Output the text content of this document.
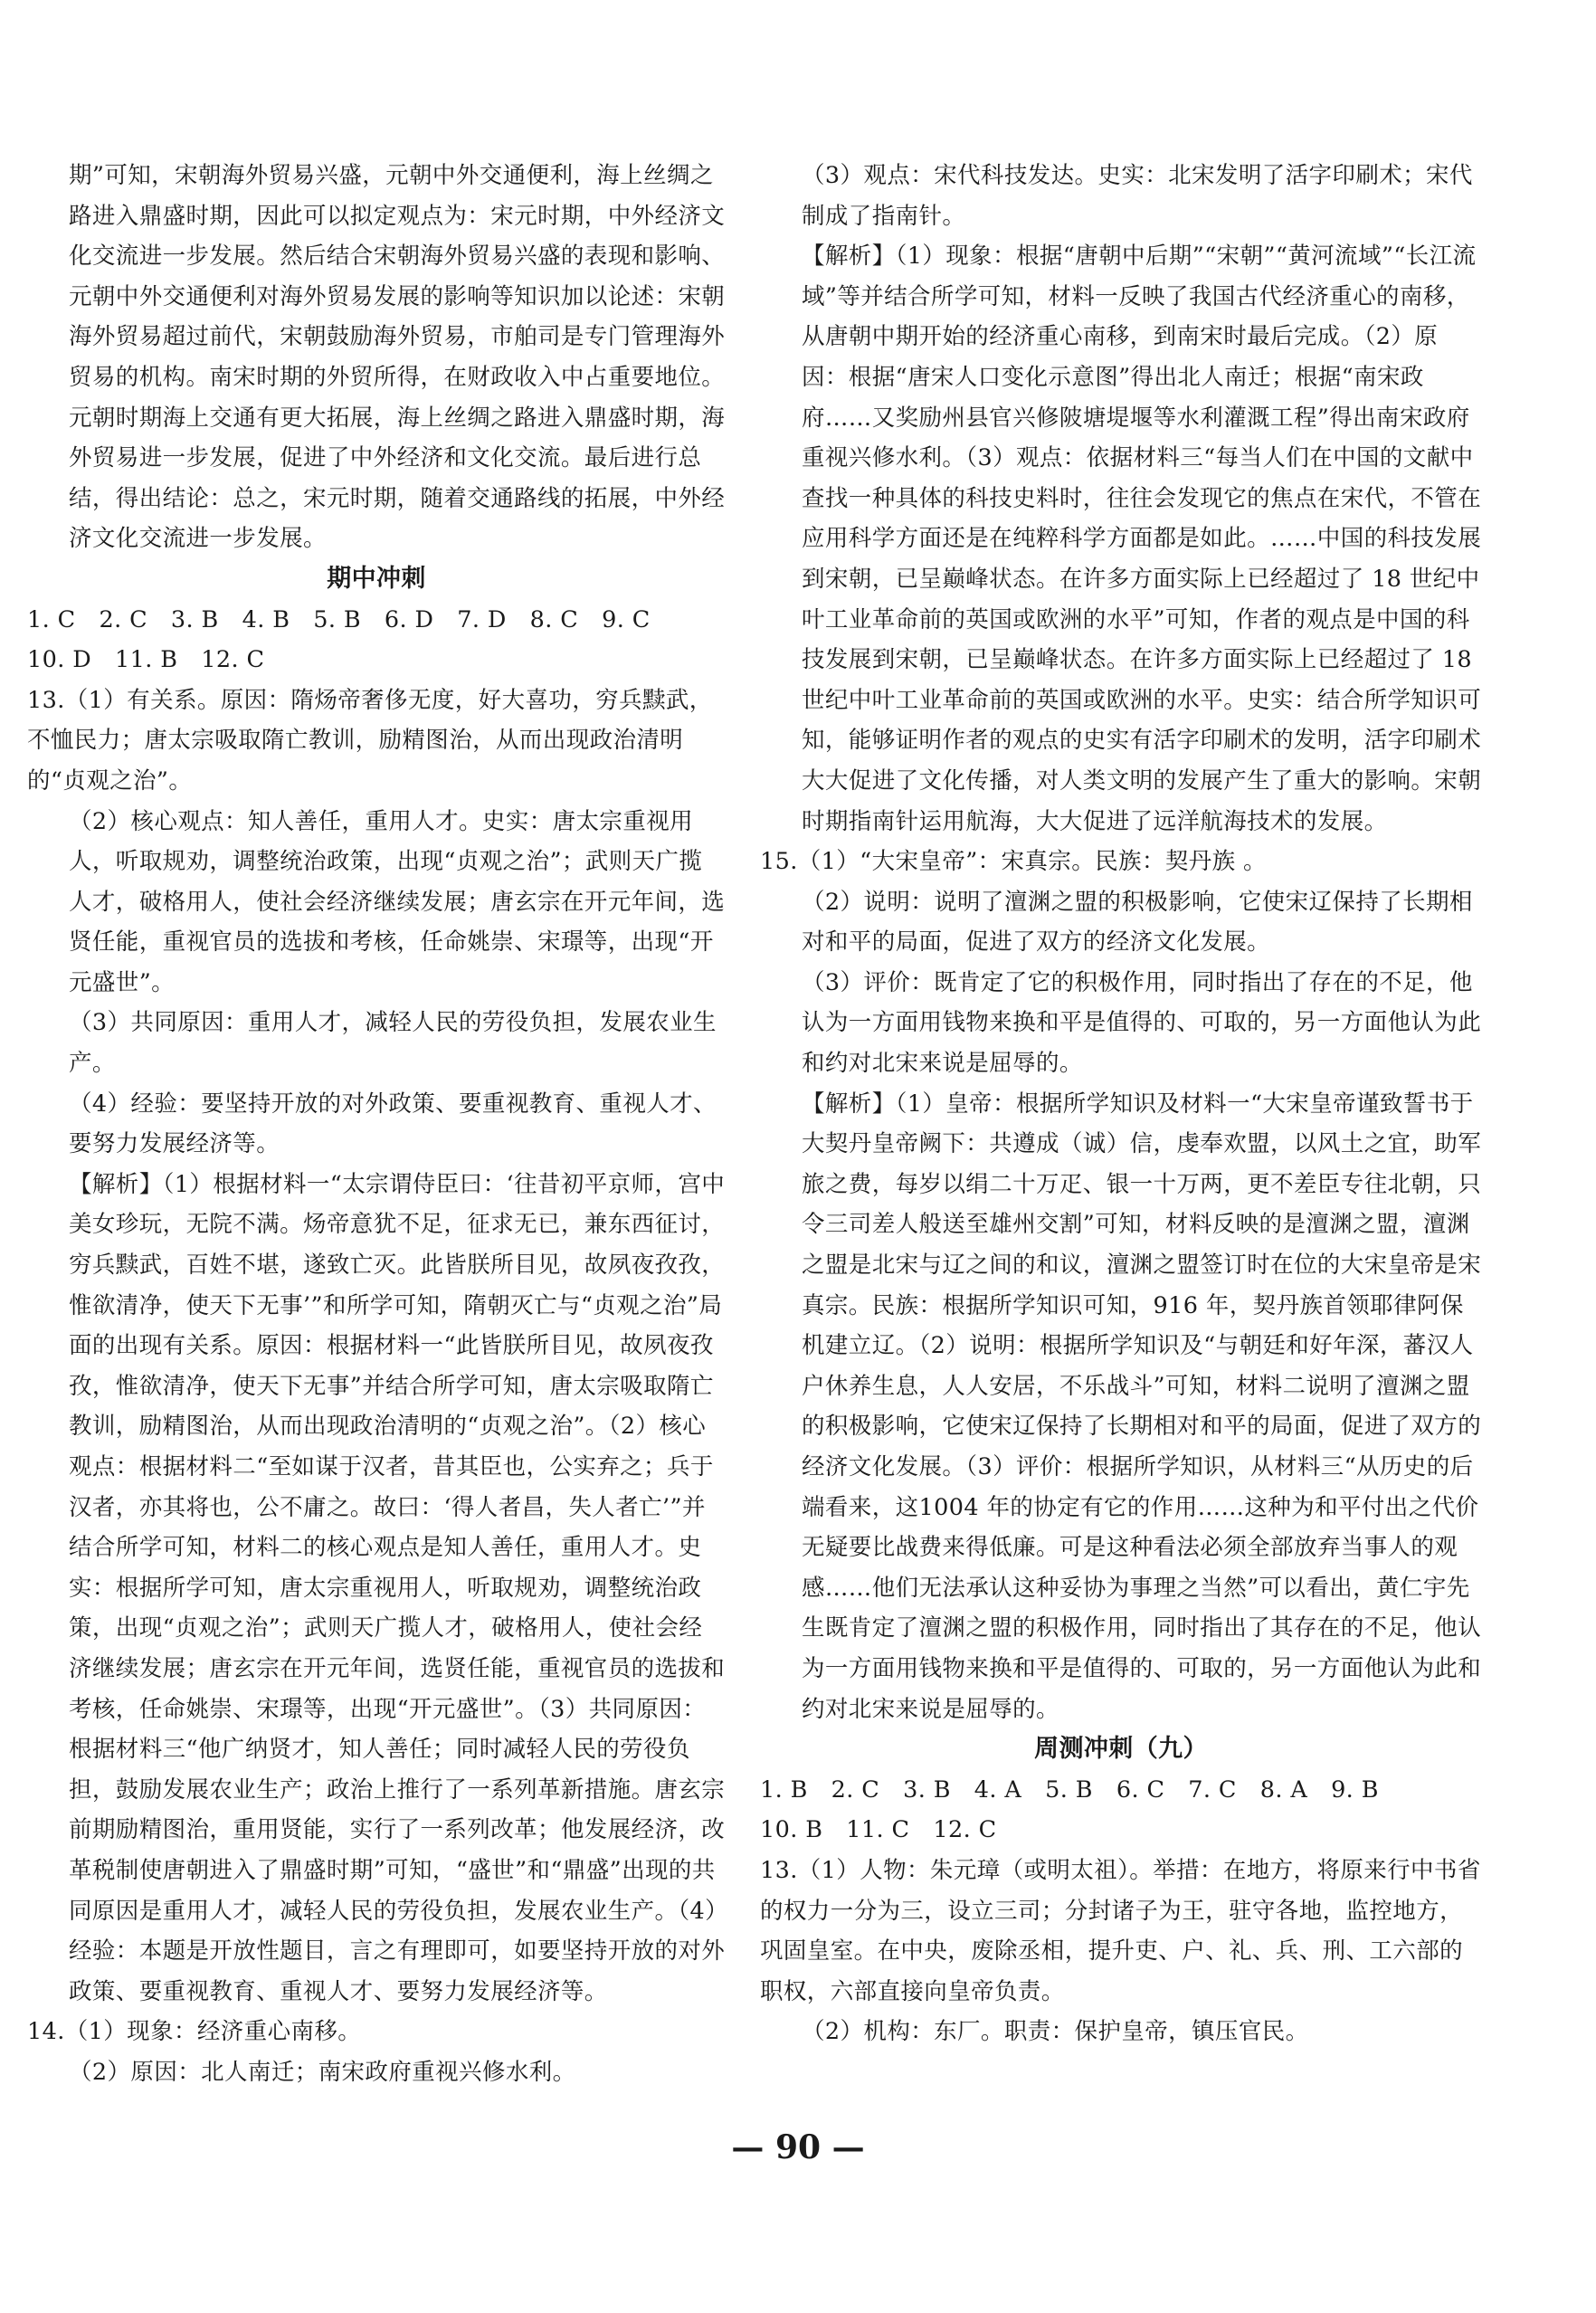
期”可知，宋朝海外贸易兴盛，元朝中外交通便利，海上丝绸之路进入鼎盛时期，因此可以拟定观点为：宋元时期，中外经济文化交流进一步发展。然后结合宋朝海外贸易兴盛的表现和影响、元朝中外交通便利对海外贸易发展的影响等知识加以论述：宋朝海外贸易超过前代，宋朝鼓励海外贸易，市舶司是专门管理海外贸易的机构。南宋时期的外贸所得，在财政收入中占重要地位。元朝时期海上交通有更大拓展，海上丝绸之路进入鼎盛时期，海外贸易进一步发展，促进了中外经济和文化交流。最后进行总结，得出结论：总之，宋元时期，随着交通路线的拓展，中外经济文化交流进一步发展。

期中冲刺

1. C　2. C　3. B　4. B　5. B　6. D　7. D　8. C　9. C

10. D　11. B　12. C

13.（1）有关系。原因：隋炀帝奢侈无度，好大喜功，穷兵黩武，不恤民力；唐太宗吸取隋亡教训，励精图治，从而出现政治清明的“贞观之治”。

（2）核心观点：知人善任，重用人才。史实：唐太宗重视用人，听取规劝，调整统治政策，出现“贞观之治”；武则天广揽人才，破格用人，使社会经济继续发展；唐玄宗在开元年间，选贤任能，重视官员的选拔和考核，任命姚崇、宋璟等，出现“开元盛世”。

（3）共同原因：重用人才，减轻人民的劳役负担，发展农业生产。

（4）经验：要坚持开放的对外政策、要重视教育、重视人才、要努力发展经济等。

【解析】（1）根据材料一“太宗谓侍臣曰：‘往昔初平京师，宫中美女珍玩，无院不满。炀帝意犹不足，征求无已，兼东西征讨，穷兵黩武，百姓不堪，遂致亡灭。此皆朕所目见，故夙夜孜孜，惟欲清净，使天下无事’”和所学可知，隋朝灭亡与“贞观之治”局面的出现有关系。原因：根据材料一“此皆朕所目见，故夙夜孜孜，惟欲清净，使天下无事”并结合所学可知，唐太宗吸取隋亡教训，励精图治，从而出现政治清明的“贞观之治”。（2）核心观点：根据材料二“至如谋于汉者，昔其臣也，公实弃之；兵于汉者，亦其将也，公不庸之。故曰：‘得人者昌，失人者亡’”并结合所学可知，材料二的核心观点是知人善任，重用人才。史实：根据所学可知，唐太宗重视用人，听取规劝，调整统治政策，出现“贞观之治”；武则天广揽人才，破格用人，使社会经济继续发展；唐玄宗在开元年间，选贤任能，重视官员的选拔和考核，任命姚崇、宋璟等，出现“开元盛世”。（3）共同原因：根据材料三“他广纳贤才，知人善任；同时减轻人民的劳役负担，鼓励发展农业生产；政治上推行了一系列革新措施。唐玄宗前期励精图治，重用贤能，实行了一系列改革；他发展经济，改革税制使唐朝进入了鼎盛时期”可知，“盛世”和“鼎盛”出现的共同原因是重用人才，减轻人民的劳役负担，发展农业生产。（4）经验：本题是开放性题目，言之有理即可，如要坚持开放的对外政策、要重视教育、重视人才、要努力发展经济等。

14.（1）现象：经济重心南移。

（2）原因：北人南迁；南宋政府重视兴修水利。

（3）观点：宋代科技发达。史实：北宋发明了活字印刷术；宋代制成了指南针。

【解析】（1）现象：根据“唐朝中后期”“宋朝”“黄河流域”“长江流域”等并结合所学可知，材料一反映了我国古代经济重心的南移，从唐朝中期开始的经济重心南移，到南宋时最后完成。（2）原因：根据“唐宋人口变化示意图”得出北人南迁；根据“南宋政府……又奖励州县官兴修陂塘堤堰等水利灌溉工程”得出南宋政府重视兴修水利。（3）观点：依据材料三“每当人们在中国的文献中查找一种具体的科技史料时，往往会发现它的焦点在宋代，不管在应用科学方面还是在纯粹科学方面都是如此。……中国的科技发展到宋朝，已呈巅峰状态。在许多方面实际上已经超过了 18 世纪中叶工业革命前的英国或欧洲的水平”可知，作者的观点是中国的科技发展到宋朝，已呈巅峰状态。在许多方面实际上已经超过了 18 世纪中叶工业革命前的英国或欧洲的水平。史实：结合所学知识可知，能够证明作者的观点的史实有活字印刷术的发明，活字印刷术大大促进了文化传播，对人类文明的发展产生了重大的影响。宋朝时期指南针运用航海，大大促进了远洋航海技术的发展。

15.（1）“大宋皇帝”：宋真宗。民族：契丹族 。

（2）说明：说明了澶渊之盟的积极影响，它使宋辽保持了长期相对和平的局面，促进了双方的经济文化发展。

（3）评价：既肯定了它的积极作用，同时指出了存在的不足，他认为一方面用钱物来换和平是值得的、可取的，另一方面他认为此和约对北宋来说是屈辱的。

【解析】（1）皇帝：根据所学知识及材料一“大宋皇帝谨致誓书于大契丹皇帝阙下：共遵成（诚）信，虔奉欢盟，以风土之宜，助军旅之费，每岁以绢二十万疋、银一十万两，更不差臣专往北朝，只令三司差人般送至雄州交割”可知，材料反映的是澶渊之盟，澶渊之盟是北宋与辽之间的和议，澶渊之盟签订时在位的大宋皇帝是宋真宗。民族：根据所学知识可知，916 年，契丹族首领耶律阿保机建立辽。（2）说明：根据所学知识及“与朝廷和好年深，蕃汉人户休养生息，人人安居，不乐战斗”可知，材料二说明了澶渊之盟的积极影响，它使宋辽保持了长期相对和平的局面，促进了双方的经济文化发展。（3）评价：根据所学知识，从材料三“从历史的后端看来，这1004 年的协定有它的作用……这种为和平付出之代价无疑要比战费来得低廉。可是这种看法必须全部放弃当事人的观感……他们无法承认这种妥协为事理之当然”可以看出，黄仁宇先生既肯定了澶渊之盟的积极作用，同时指出了其存在的不足，他认为一方面用钱物来换和平是值得的、可取的，另一方面他认为此和约对北宋来说是屈辱的。

周测冲刺（九）

1. B　2. C　3. B　4. A　5. B　6. C　7. C　8. A　9. B

10. B　11. C　12. C

13.（1）人物：朱元璋（或明太祖）。举措：在地方，将原来行中书省的权力一分为三，设立三司；分封诸子为王，驻守各地，监控地方，巩固皇室。在中央，废除丞相，提升吏、户、礼、兵、刑、工六部的职权，六部直接向皇帝负责。

（2）机构：东厂。职责：保护皇帝，镇压官民。

— 90 —
